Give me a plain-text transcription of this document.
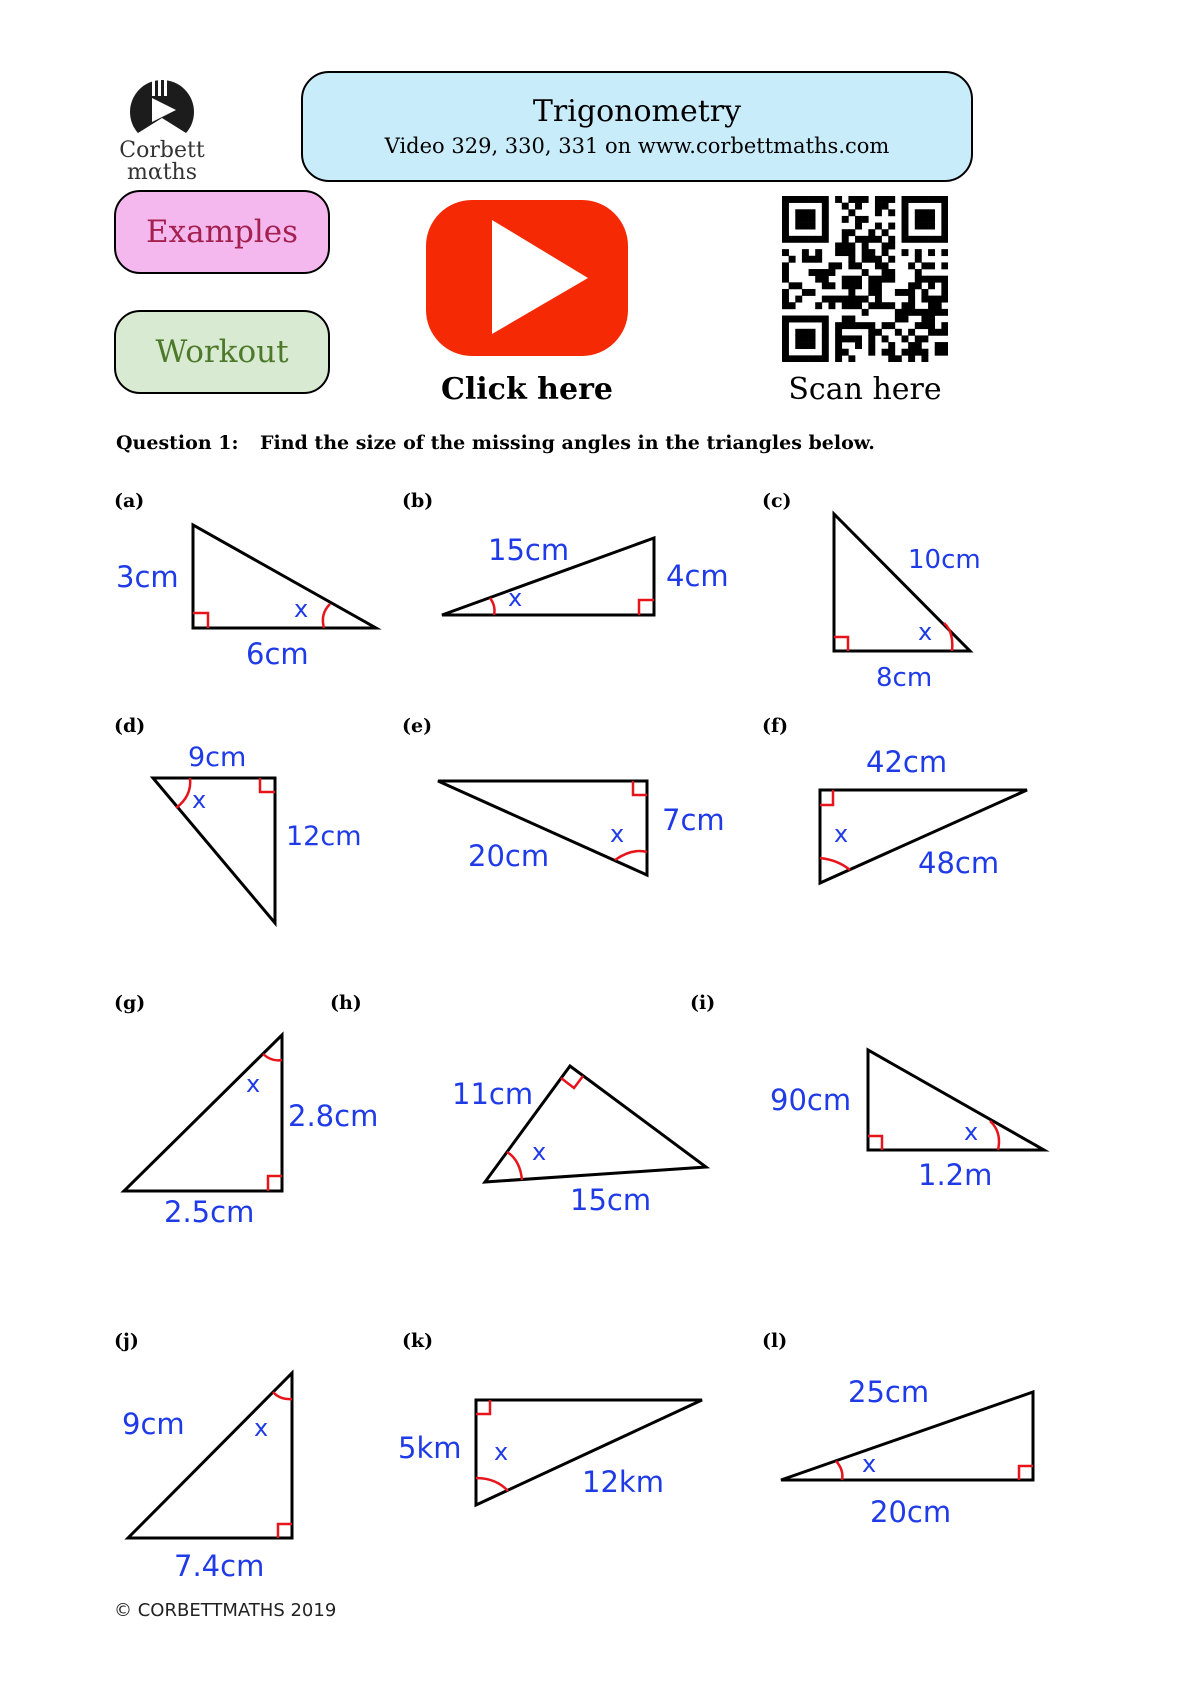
Corbett
mαths
Trigonometry
Video 329, 330, 331 on www.corbettmaths.com
Examples
Workout
Click here	Scan here
Question 1: Find the size of the missing angles in the triangles below.
(a)	(b)	(c)
(d)	(e)	(f)
(g)	(h)	(i)
(j)	(k)	(l)
3cm
6cm
15cm
4cm	10cm
8cm
9cm
12cm	7cm
20cm
42cm
48cm
2.8cm
2.5cm
11cm
15cm
90cm
1.2m
9cm
7.4cm
5km
12km
25cm
20cm
x	x
x
x
x	x
x
x
x
x
x	x
© CORBETTMATHS 2019
